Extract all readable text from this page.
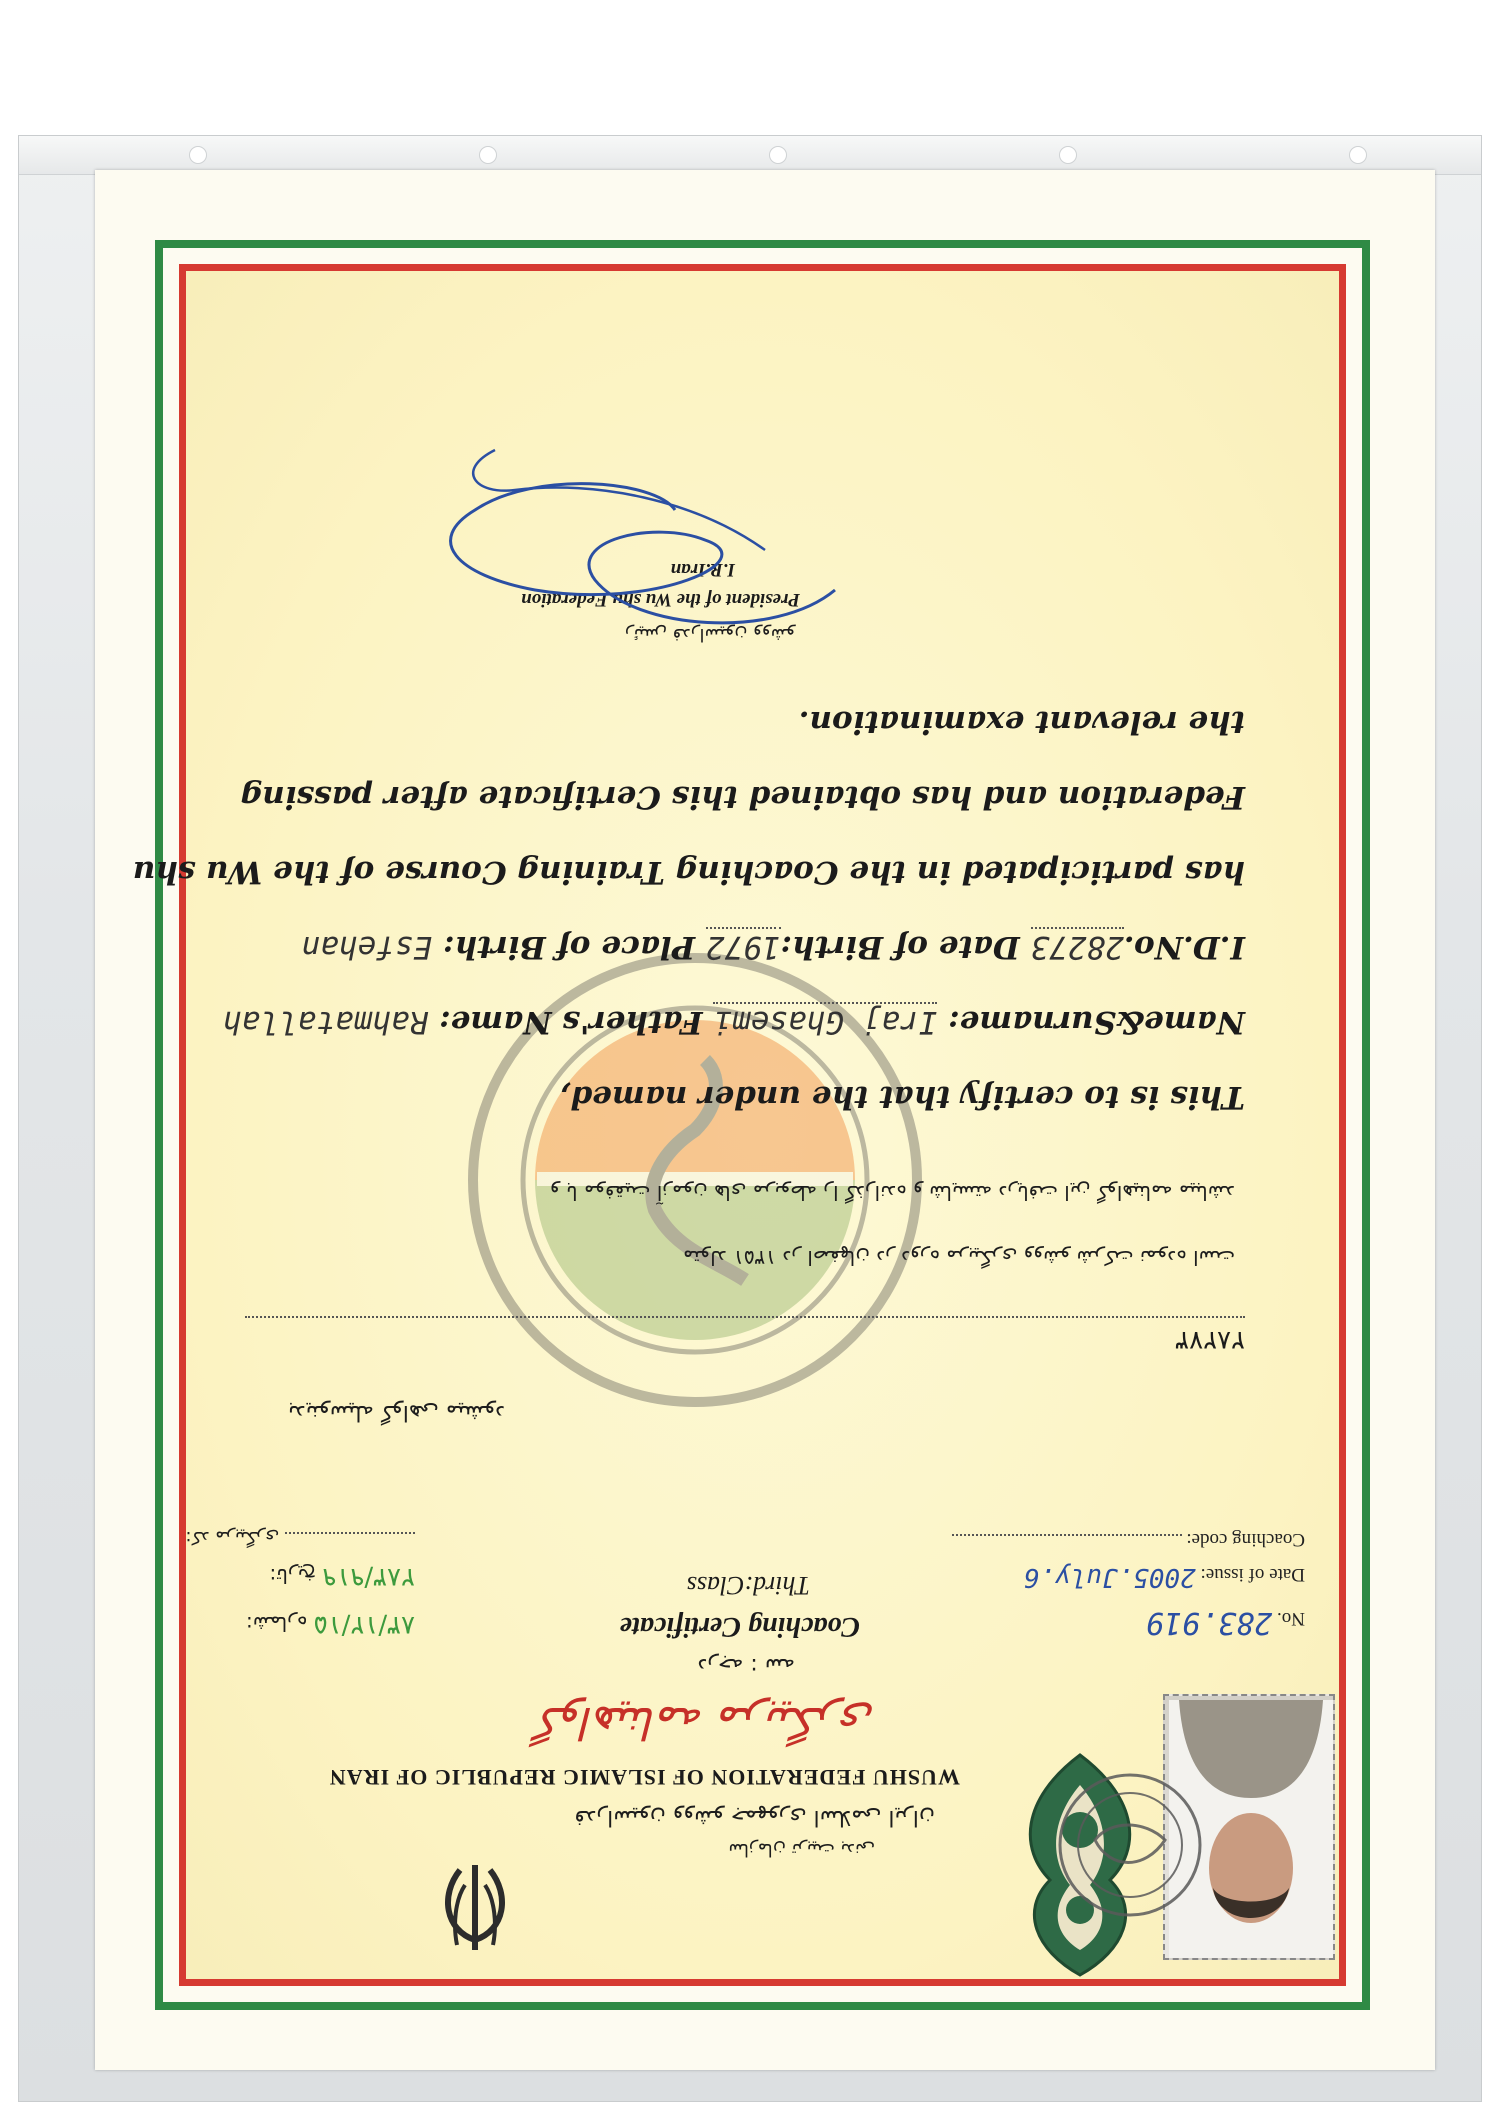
سازمان تربیت بدنی
فدراسیون ووشو جمهوری اسلامی ایران
WUSHU FEDERATION OF ISLAMIC REPUBLIC OF IRAN
گواهینامه مربیگری
درجه : سه
Coaching Certificate
Third:Class
No. 283.919
Date of issue: 2005.July.6
Coaching code:
۸۳/۱۲/۱۵ شماره:
۲۸۳/۹۱۹ تاریخ:
کد مربیگری:
بدینوسیله گواهی میشود
۲۸۲۷۳
متولد ۱۳۵۱ در اصفهان در دوره مربیگری ووشو شرکت نموده است
و با موفقیت آزمون های مربوطه را گذرانده و شایسته دریافت این گواهینامه میباشد
This is to certify that the under named,
Name&Surname: Iraj Ghasemi Father's Name: Rahmatallah
I.D.No.28273 Date of Birth:1972 Place of Birth: Esfehan
has participated in the Coaching Training Course of the Wu shu
Federation and has obtained this Certificate after passing
the relevant examination.
رئیس فدراسیون ووشو
President of the Wu shu Federation
I.R.Iran
